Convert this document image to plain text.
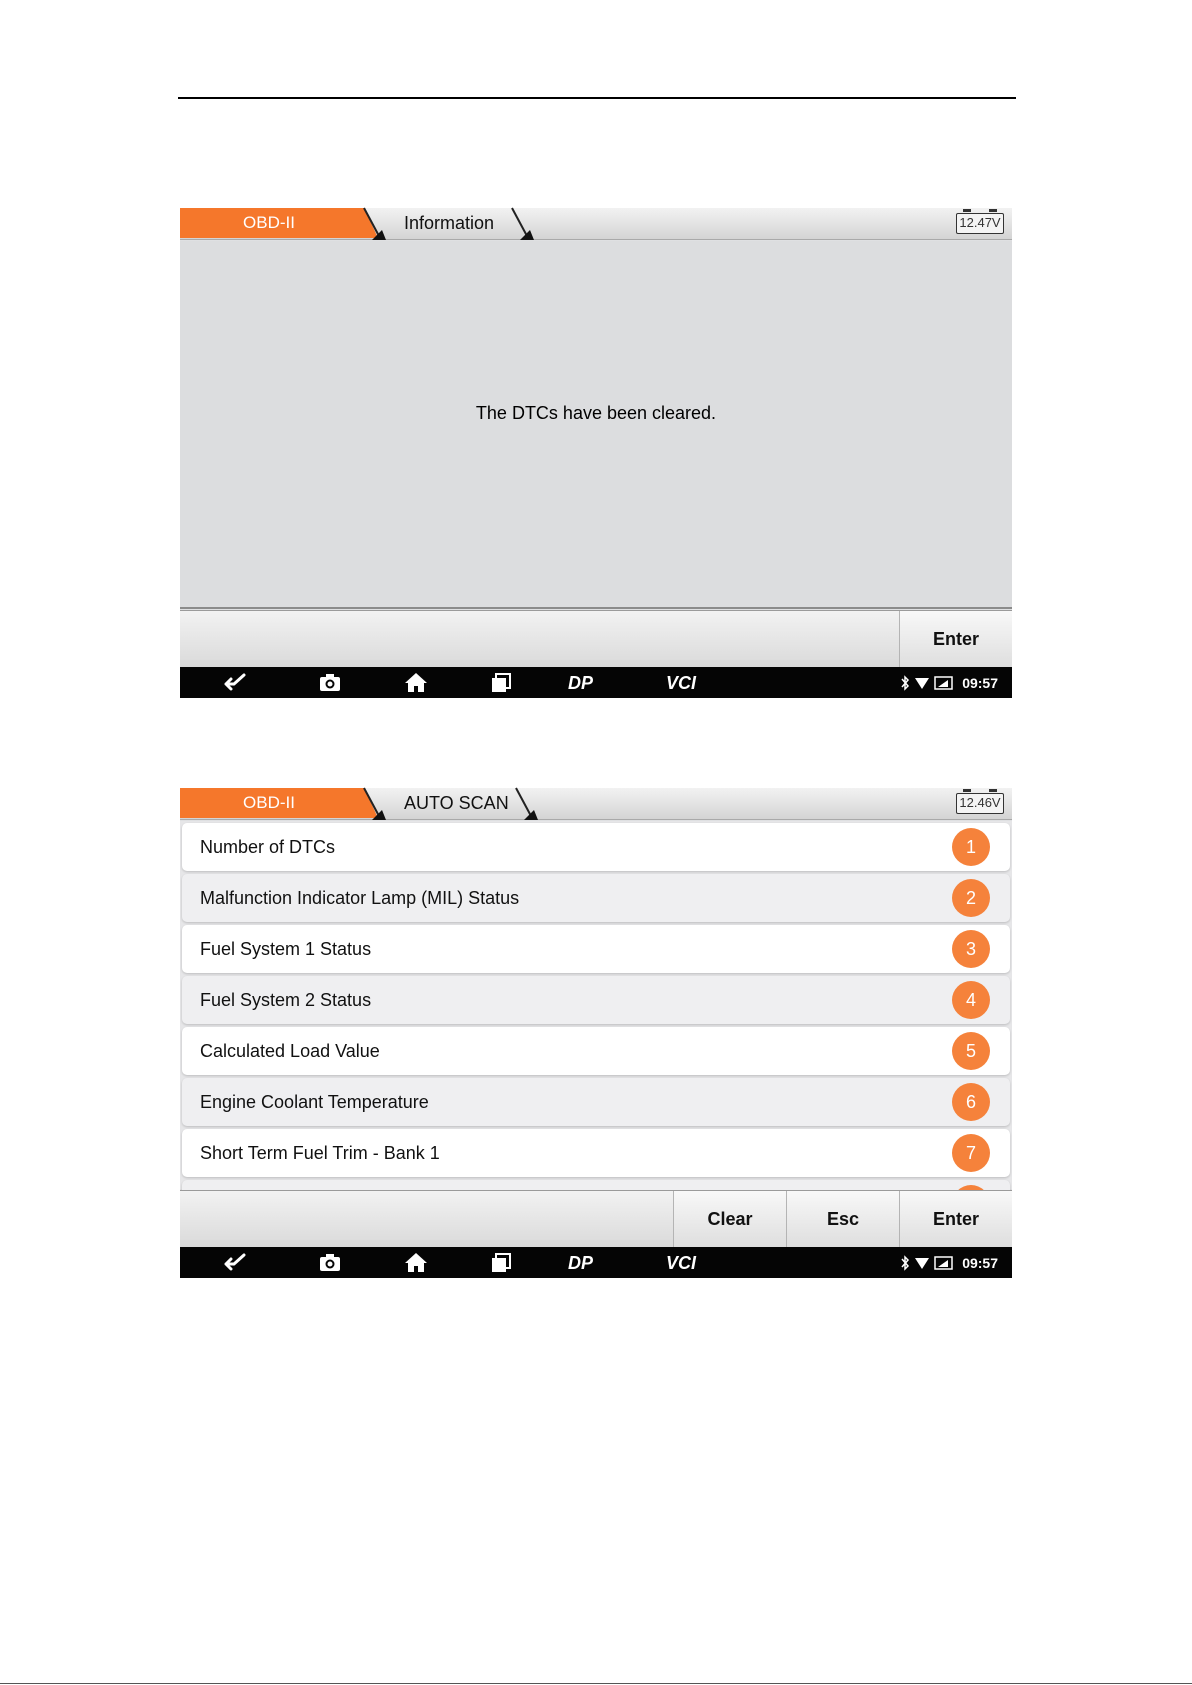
OBD-II	Information	12.47V
The DTCs have been cleared.
Enter
DP	VCI	09:57
OBD-II	AUTO SCAN	12.46V
Number of DTCs	1
Malfunction Indicator Lamp (MIL) Status	2
Fuel System 1 Status	3
Fuel System 2 Status	4
Calculated Load Value	5
Engine Coolant Temperature	6
Short Term Fuel Trim - Bank 1	7
Clear	Esc	Enter
DP	VCI	09:57
